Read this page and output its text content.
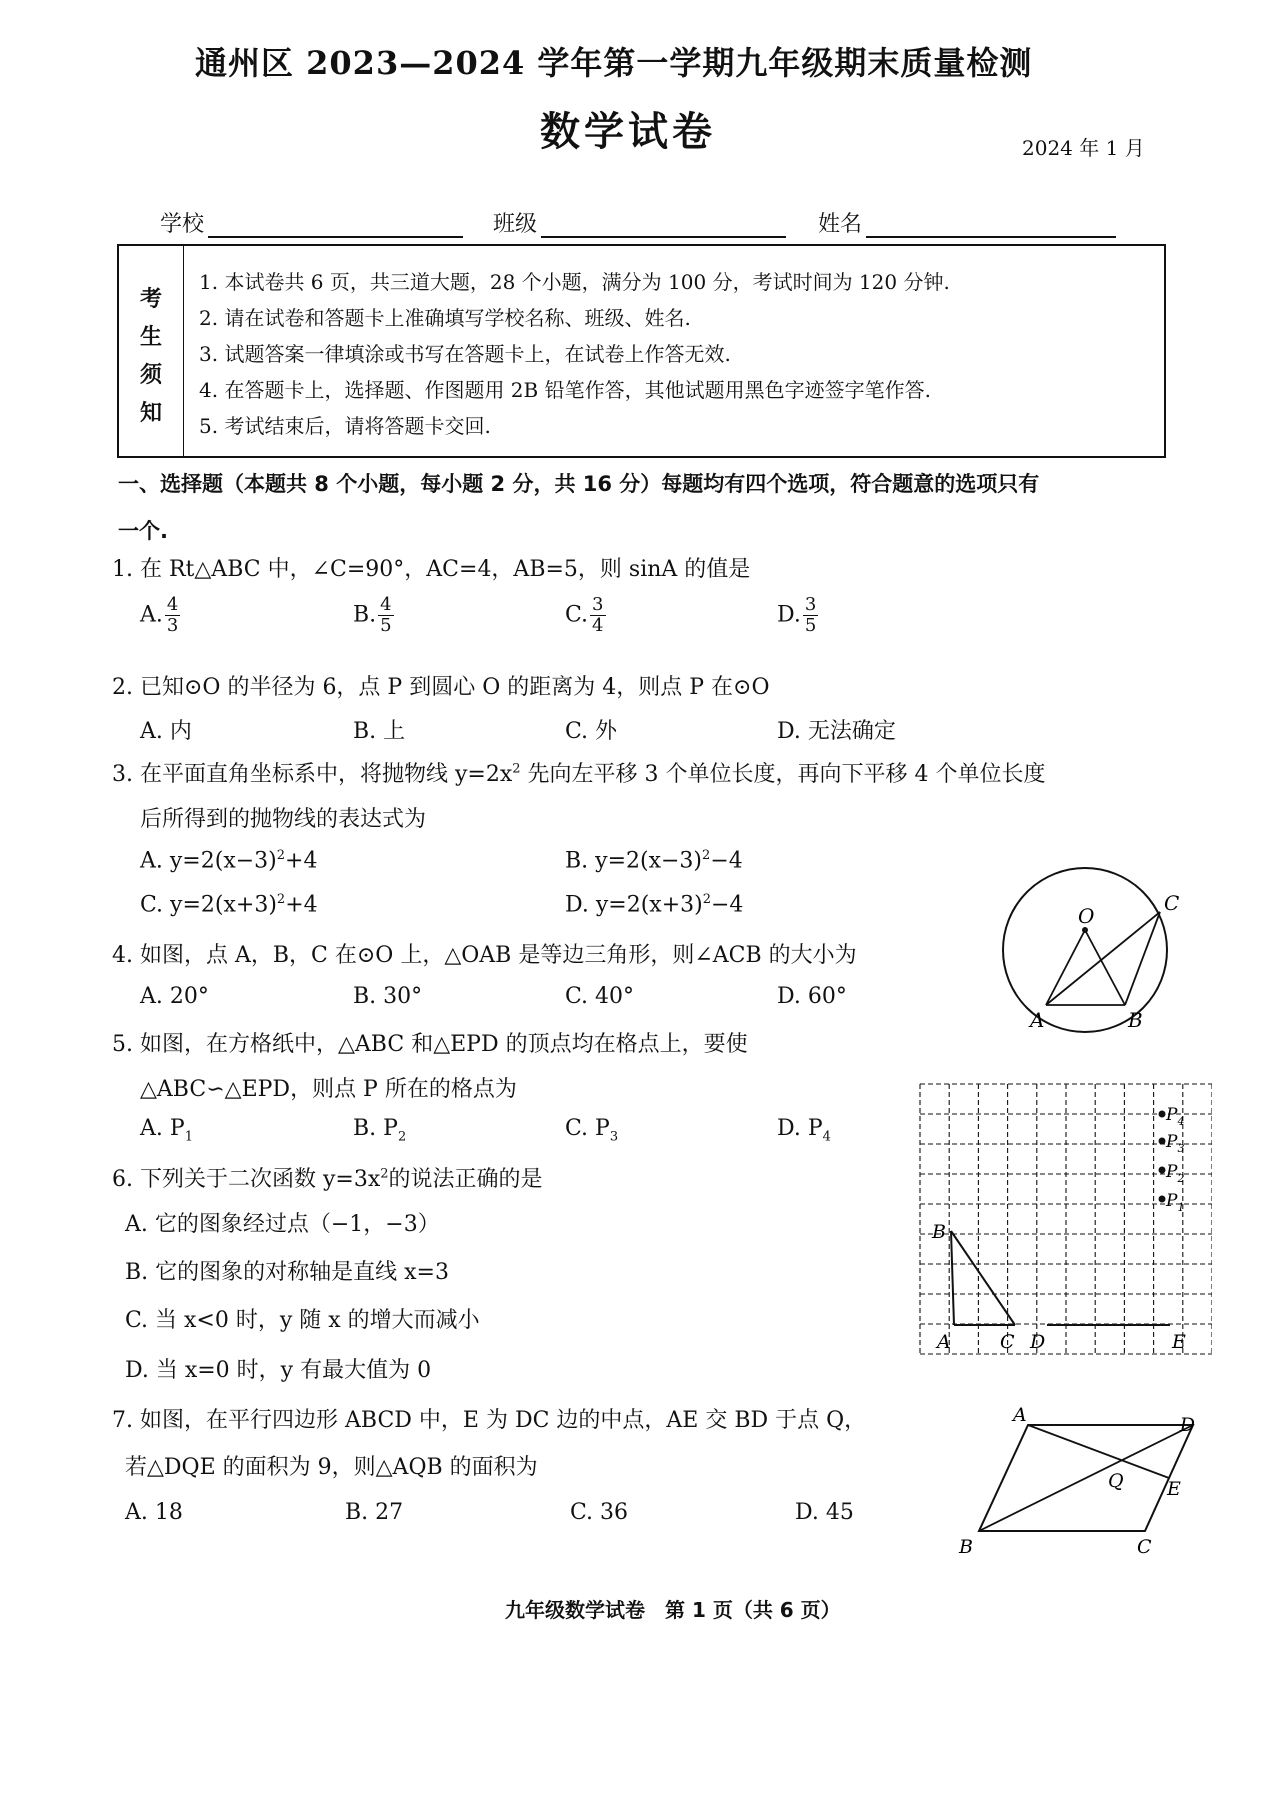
通州区 2023—2024 学年第一学期九年级期末质量检测
数学试卷	2024 年 1 月
学校	班级	姓名
考
生
须
知
1. 本试卷共 6 页，共三道大题，28 个小题，满分为 100 分，考试时间为 120 分钟.
2. 请在试卷和答题卡上准确填写学校名称、班级、姓名.
3. 试题答案一律填涂或书写在答题卡上，在试卷上作答无效.
4. 在答题卡上，选择题、作图题用 2B 铅笔作答，其他试题用黑色字迹签字笔作答.
5. 考试结束后，请将答题卡交回.
一、选择题（本题共 8 个小题，每小题 2 分，共 16 分）每题均有四个选项，符合题意的选项只有
一个.
1. 在 Rt△ABC 中，∠C=90°，AC=4，AB=5，则 sinA 的值是
A. $\frac{4}{3}$	B. $\frac{4}{5}$	C. $\frac{3}{4}$	D. $\frac{3}{5}$
2. 已知⊙O 的半径为 6，点 P 到圆心 O 的距离为 4，则点 P 在⊙O
A. 内	B. 上	C. 外	D. 无法确定
3. 在平面直角坐标系中，将抛物线 $y=2x^2$ 先向左平移 3 个单位长度，再向下平移 4 个单位长度
后所得到的抛物线的表达式为
A. $y=2(x-3)^2+4$	B. $y=2(x-3)^2-4$
C. $y=2(x+3)^2+4$	D. $y=2(x+3)^2-4$
4. 如图，点 A，B，C 在⊙O 上，△OAB 是等边三角形，则∠ACB 的大小为
A. 20°	B. 30°	C. 40°	D. 60°
O
A	B
C
5. 如图，在方格纸中，△ABC 和△EPD 的顶点均在格点上，要使
△ABC∽△EPD，则点 P 所在的格点为
A. $P_1$	B. $P_2$	C. $P_3$	D. $P_4$
$P_4$
$P_3$
$P_2$
$P_1$
B
A	C D	E
6. 下列关于二次函数 $y=3x^2$的说法正确的是
A. 它的图象经过点（−1，−3）
B. 它的图象的对称轴是直线 x=3
C. 当 x<0 时，y 随 x 的增大而减小
D. 当 x=0 时，y 有最大值为 0
7. 如图，在平行四边形 ABCD 中，E 为 DC 边的中点，AE 交 BD 于点 Q，
若△DQE 的面积为 9，则△AQB 的面积为
A. 18	B. 27	C. 36	D. 45
A	D
Q E
B	C
九年级数学试卷　第 1 页（共 6 页）
